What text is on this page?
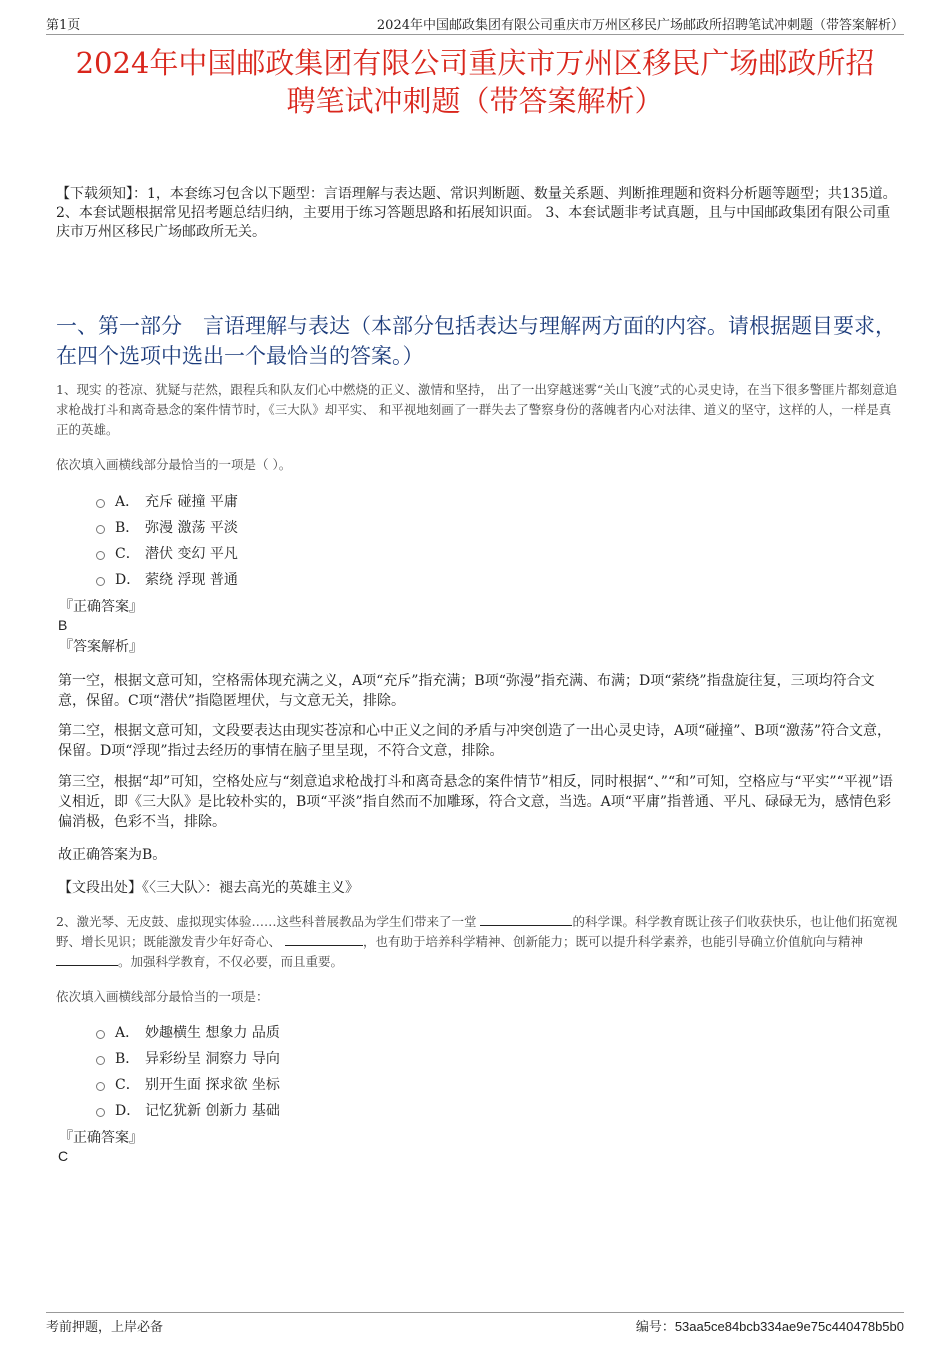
第1页	2024年中国邮政集团有限公司重庆市万州区移民广场邮政所招聘笔试冲刺题（带答案解析）
2024年中国邮政集团有限公司重庆市万州区移民广场邮政所招
聘笔试冲刺题（带答案解析）
【下载须知】：1，本套练习包含以下题型：言语理解与表达题、常识判断题、数量关系题、判断推理题和资料分析题等题型；共135道。 2、本套试题根据常见招考题总结归纳，主要用于练习答题思路和拓展知识面。 3、本套试题非考试真题，且与中国邮政集团有限公司重庆市万州区移民广场邮政所无关。
一、第一部分　言语理解与表达（本部分包括表达与理解两方面的内容。请根据题目要求，在四个选项中选出一个最恰当的答案。）
1、现实 的苍凉、犹疑与茫然，跟程兵和队友们心中燃烧的正义、激情和坚持， 出了一出穿越迷雾“关山飞渡”式的心灵史诗，在当下很多警匪片都刻意追求枪战打斗和离奇悬念的案件情节时，《三大队》却平实、 和平视地刻画了一群失去了警察身份的落魄者内心对法律、道义的坚守，这样的人，一样是真正的英雄。
依次填入画横线部分最恰当的一项是（ ）。
A． 充斥 碰撞 平庸
B． 弥漫 激荡 平淡
C． 潜伏 变幻 平凡
D． 萦绕 浮现 普通
『正确答案』
B
『答案解析』
第一空，根据文意可知，空格需体现充满之义，A项“充斥”指充满；B项“弥漫”指充满、布满；D项“萦绕”指盘旋往复，三项均符合文意，保留。C项“潜伏”指隐匿埋伏，与文意无关，排除。
第二空，根据文意可知，文段要表达由现实苍凉和心中正义之间的矛盾与冲突创造了一出心灵史诗，A项“碰撞”、B项“激荡”符合文意，保留。D项“浮现”指过去经历的事情在脑子里呈现，不符合文意，排除。
第三空，根据“却”可知，空格处应与“刻意追求枪战打斗和离奇悬念的案件情节”相反，同时根据“、”“和”可知，空格应与“平实”“平视”语义相近，即《三大队》是比较朴实的，B项“平淡”指自然而不加雕琢，符合文意，当选。A项“平庸”指普通、平凡、碌碌无为，感情色彩偏消极，色彩不当，排除。
故正确答案为B。
【文段出处】《〈三大队〉：褪去高光的英雄主义》
2、激光琴、无皮鼓、虚拟现实体验……这些科普展教品为学生们带来了一堂	的科学课。科学教育既让孩子们收获快乐，也让他们拓宽视野、增长见识；既能激发青少年好奇心、	，也有助于培养科学精神、创新能力；既可以提升科学素养，也能引导确立价值航向与精神。加强科学教育，不仅必要，而且重要。
依次填入画横线部分最恰当的一项是：
A． 妙趣横生 想象力 品质
B． 异彩纷呈 洞察力 导向
C． 别开生面 探求欲 坐标
D． 记忆犹新 创新力 基础
『正确答案』
C
考前押题，上岸必备	编号：53aa5ce84bcb334ae9e75c440478b5b0
